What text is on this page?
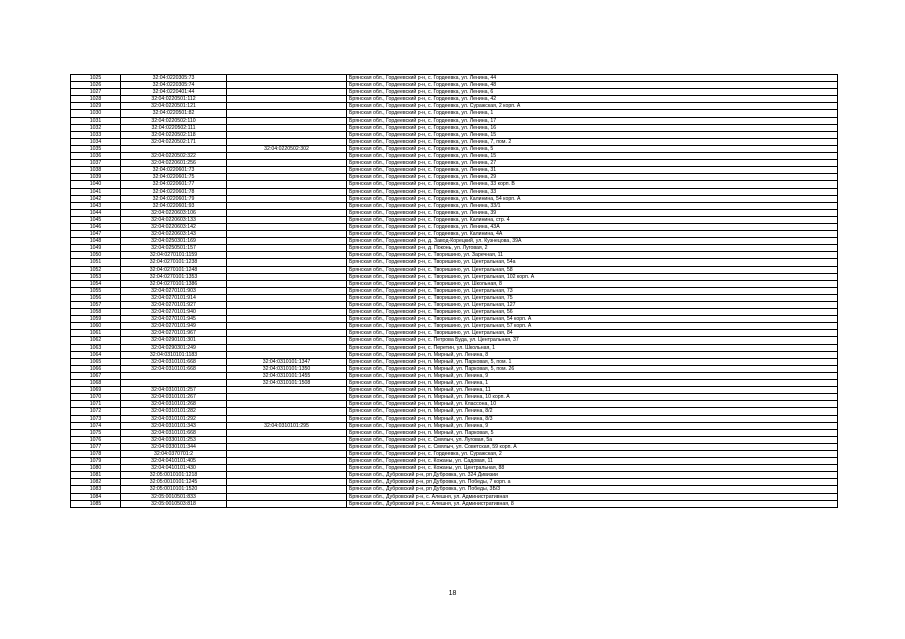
1025	32:04:0220305:73		Брянская обл., Гордеевский р-н, с. Гордеевка, ул. Ленина, 44
1026	32:04:0220305:74		Брянская обл., Гордеевский р-н, с. Гордеевка, ул. Ленина, 48
1027	32:04:0220401:44		Брянская обл., Гордеевский р-н, с. Гордеевка, ул. Ленина, 6
1028	32:04:0220501:112		Брянская обл., Гордеевский р-н, с. Гордеевка, ул. Ленина, 42
1029	32:04:0220501:121		Брянская обл., Гордеевский р-н, с. Гордеевка, ул. Суражская, 2 корп. А
1030	32:04:0220501:82		Брянская обл., Гордеевский р-н, с. Гордеевка, ул. Ленина, 1
1031	32:04:0220502:110		Брянская обл., Гордеевский р-н, с. Гордеевка, ул. Ленина, 17
1032	32:04:0220502:111		Брянская обл., Гордеевский р-н, с. Гордеевка, ул. Ленина, 16
1033	32:04:0220502:118		Брянская обл., Гордеевский р-н, с. Гордеевка, ул. Ленина, 15
1034	32:04:0220502:171		Брянская обл., Гордеевский р-н, с. Гордеевка, ул. Ленина, 7, пом. 2
1035		32:04:0220502:302	Брянская обл., Гордеевский р-н, с. Гордеевка, ул. Ленина, 5
1036	32:04:0220502:322		Брянская обл., Гордеевский р-н, с. Гордеевка, ул. Ленина, 15
1037	32:04:0220601:256		Брянская обл., Гордеевский р-н, с. Гордеевка, ул. Ленина, 27
1038	32:04:0220601:73		Брянская обл., Гордеевский р-н, с. Гордеевка, ул. Ленина, 31
1039	32:04:0220601:75		Брянская обл., Гордеевский р-н, с. Гордеевка, ул. Ленина, 29
1040	32:04:0220601:77		Брянская обл., Гордеевский р-н, с. Гордеевка, ул. Ленина, 33 корп. В
1041	32:04:0220601:78		Брянская обл., Гордеевский р-н, с. Гордеевка, ул. Ленина, 33
1042	32:04:0220601:79		Брянская обл., Гордеевский р-н, с. Гордеевка, ул. Калинина, 54 корп. А
1043	32:04:0220601:93		Брянская обл., Гордеевский р-н, с. Гордеевка, ул. Ленина, 33/1
1044	32:04:0220603:106		Брянская обл., Гордеевский р-н, с. Гордеевка, ул. Ленина, 39
1045	32:04:0220603:133		Брянская обл., Гордеевский р-н, с. Гордеевка, ул. Калинина, стр. 4
1046	32:04:0220603:142		Брянская обл., Гордеевский р-н, с. Гордеевка, ул. Ленина, 43А
1047	32:04:0220603:143		Брянская обл., Гордеевский р-н, с. Гордеевка, ул. Калинина, 4А
1048	32:04:0250301:169		Брянская обл., Гордеевский р-н, д. Завод-Корецкий, ул. Кузнецова, 39А
1049	32:04:0250501:157		Брянская обл., Гордеевский р-н, д. Поконь, ул. Луговая, 2
1050	32:04:0270101:1159		Брянская обл., Гордеевский р-н, с. Творишино, ул. Заречная, 11
1051	32:04:0270101:1238		Брянская обл., Гордеевский р-н, с. Творишино, ул. Центральная, 54а
1052	32:04:0270101:1248		Брянская обл., Гордеевский р-н, с. Творишино, ул. Центральная, 58
1053	32:04:0270101:1353		Брянская обл., Гордеевский р-н, с. Творишино, ул. Центральная, 102 корп. А
1054	32:04:0270101:1386		Брянская обл., Гордеевский р-н, с. Творишино, ул. Школьная, 8
1055	32:04:0270101:903		Брянская обл., Гордеевский р-н, с. Творишино, ул. Центральная, 73
1056	32:04:0270101:914		Брянская обл., Гордеевский р-н, с. Творишино, ул. Центральная, 75
1057	32:04:0270101:927		Брянская обл., Гордеевский р-н, с. Творишино, ул. Центральная, 127
1058	32:04:0270101:940		Брянская обл., Гордеевский р-н, с. Творишино, ул. Центральная, 56
1059	32:04:0270101:945		Брянская обл., Гордеевский р-н, с. Творишино, ул. Центральная, 54 корп. А
1060	32:04:0270101:949		Брянская обл., Гордеевский р-н, с. Творишино, ул. Центральная, 57 корп. А
1061	32:04:0270101:967		Брянская обл., Гордеевский р-н, с. Творишино, ул. Центральная, 84
1062	32:04:0290101:301		Брянская обл., Гордеевский р-н, с. Петрова Буда, ул. Центральная, 37
1063	32:04:0290301:249		Брянская обл., Гордеевский р-н, с. Перетин, ул. Школьная, 1
1064	32:04:0310101:1183		Брянская обл., Гордеевский р-н, п. Мирный, ул. Ленина, 8
1065	32:04:0310101:668	32:04:0310101:1347	Брянская обл., Гордеевский р-н, п. Мирный, ул. Парковая, 5, пом. 1
1066	32:04:0310101:668	32:04:0310101:1350	Брянская обл., Гордеевский р-н, п. Мирный, ул. Парковая, 5, пом. 26
1067		32:04:0310101:1455	Брянская обл., Гордеевский р-н, п. Мирный, ул. Ленина, 9
1068		32:04:0310101:1508	Брянская обл., Гордеевский р-н, п. Мирный, ул. Ленина, 1
1069	32:04:0310101:257		Брянская обл., Гордеевский р-н, п. Мирный, ул. Ленина, 11
1070	32:04:0310101:267		Брянская обл., Гордеевский р-н, п. Мирный, ул. Ленина, 10 корп. А
1071	32:04:0310101:268		Брянская обл., Гордеевский р-н, п. Мирный, ул. Классона, 10
1072	32:04:0310101:282		Брянская обл., Гордеевский р-н, п. Мирный, ул. Ленина, 8/2
1073	32:04:0310101:292		Брянская обл., Гордеевский р-н, п. Мирный, ул. Ленина, 8/3
1074	32:04:0310101:343	32:04:0310101:295	Брянская обл., Гордеевский р-н, п. Мирный, ул. Ленина, 9
1075	32:04:0310101:668		Брянская обл., Гордеевский р-н, п. Мирный, ул. Парковая, 5
1076	32:04:0330101:253		Брянская обл., Гордеевский р-н, с. Смялыч, ул. Луговая, 5а
1077	32:04:0330101:344		Брянская обл., Гордеевский р-н, с. Смялыч, ул. Советская, 59 корп. А
1078	32:04:0370701:2		Брянская обл., Гордеевский р-н, с. Гордеевка, ул. Суражская, 2
1079	32:04:0410101:405		Брянская обл., Гордеевский р-н, с. Кожаны, ул. Садовая, 11
1080	32:04:0410101:430		Брянская обл., Гордеевский р-н, с. Кожаны, ул. Центральная, 88
1081	32:05:0010101:1218		Брянская обл., Дубровский р-н, рп Дубровка, ул. 324 Дивизии
1082	32:05:0010101:1245		Брянская обл., Дубровский р-н, рп Дубровка, ул. Победы, 7 корп. а
1083	32:05:0010101:1520		Брянская обл., Дубровский р-н, рп Дубровка, ул. Победы, 3Б/3
1084	32:05:0010501:833		Брянская обл., Дубровский р-н, с. Алешня, ул. Административная
1085	32:05:0010503:818		Брянская обл., Дубровский р-н, с. Алешня, ул. Административная, 8
18
